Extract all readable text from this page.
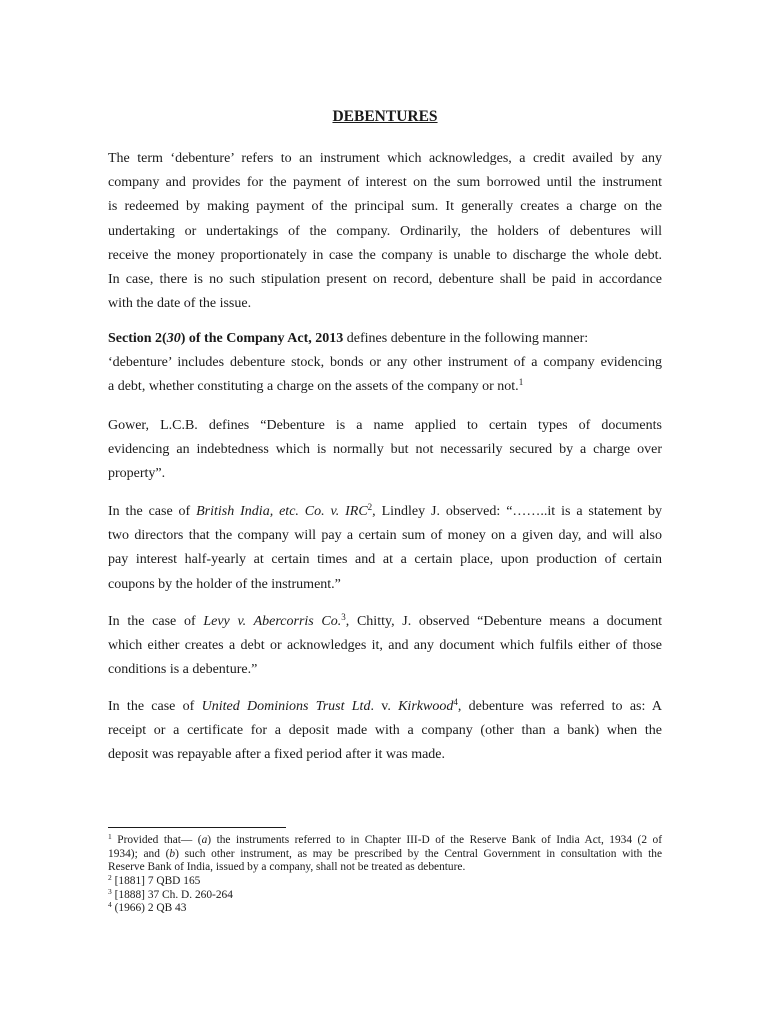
DEBENTURES
The term ‘debenture’ refers to an instrument which acknowledges, a credit availed by any
company and provides for the payment of interest on the sum borrowed until the instrument
is redeemed by making payment of the principal sum. It generally creates a charge on the
undertaking or undertakings of the company. Ordinarily, the holders of debentures will
receive the money proportionately in case the company is unable to discharge the whole debt.
In case, there is no such stipulation present on record, debenture shall be paid in accordance
with the date of the issue.
Section 2(30) of the Company Act, 2013 defines debenture in the following manner:
‘debenture’ includes debenture stock, bonds or any other instrument of a company evidencing
a debt, whether constituting a charge on the assets of the company or not.$^1$
Gower, L.C.B. defines “Debenture is a name applied to certain types of documents
evidencing an indebtedness which is normally but not necessarily secured by a charge over
property”.
In the case of British India, etc. Co. v. IRC$^2$, Lindley J. observed: “……..it is a statement by
two directors that the company will pay a certain sum of money on a given day, and will also
pay interest half-yearly at certain times and at a certain place, upon production of certain
coupons by the holder of the instrument.”
In the case of Levy v. Abercorris Co.$^3$, Chitty, J. observed “Debenture means a document
which either creates a debt or acknowledges it, and any document which fulfils either of those
conditions is a debenture.”
In the case of United Dominions Trust Ltd. v. Kirkwood$^4$, debenture was referred to as: A
receipt or a certificate for a deposit made with a company (other than a bank) when the
deposit was repayable after a fixed period after it was made.
$^1$ Provided that— (a) the instruments referred to in Chapter III-D of the Reserve Bank of India Act, 1934 (2 of
1934); and (b) such other instrument, as may be prescribed by the Central Government in consultation with the
Reserve Bank of India, issued by a company, shall not be treated as debenture.
$^2$ [1881] 7 QBD 165
$^3$ [1888] 37 Ch. D. 260-264
$^4$ (1966) 2 QB 43
